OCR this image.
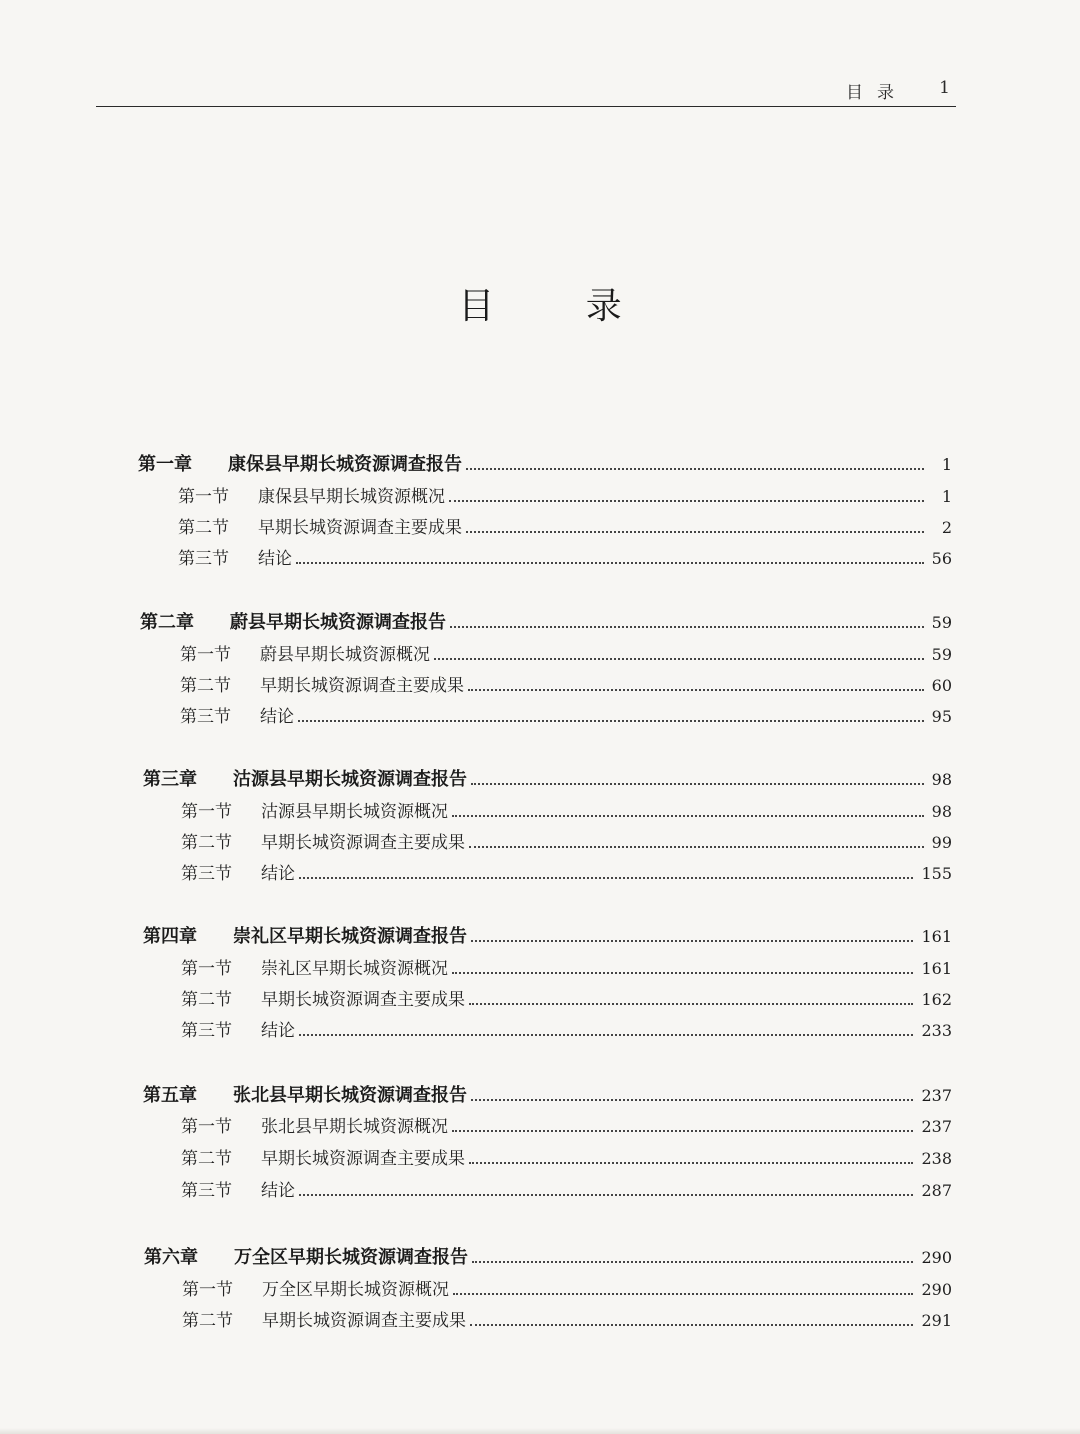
目录 1
目 录
第一章	康保县早期长城资源调查报告	1
第一节	康保县早期长城资源概况	1
第二节	早期长城资源调查主要成果	2
第三节	结论	56
第二章	蔚县早期长城资源调查报告	59
第一节	蔚县早期长城资源概况	59
第二节	早期长城资源调查主要成果	60
第三节	结论	95
第三章	沽源县早期长城资源调查报告	98
第一节	沽源县早期长城资源概况	98
第二节	早期长城资源调查主要成果	99
第三节	结论	155
第四章	崇礼区早期长城资源调查报告	161
第一节	崇礼区早期长城资源概况	161
第二节	早期长城资源调查主要成果	162
第三节	结论	233
第五章	张北县早期长城资源调查报告	237
第一节	张北县早期长城资源概况	237
第二节	早期长城资源调查主要成果	238
第三节	结论	287
第六章	万全区早期长城资源调查报告	290
第一节	万全区早期长城资源概况	290
第二节	早期长城资源调查主要成果	291
